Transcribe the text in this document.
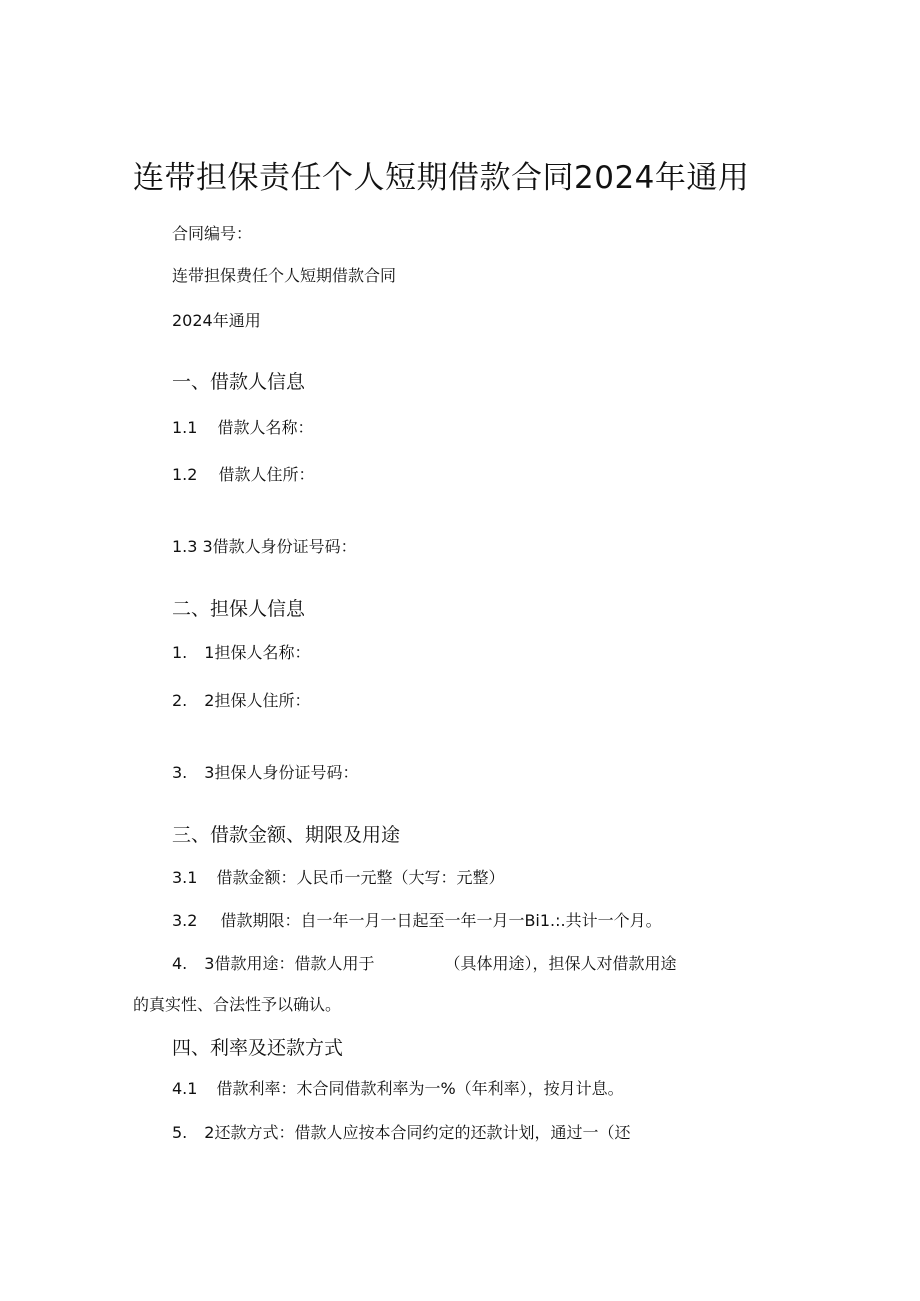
连带担保责任个人短期借款合同2024年通用
合同编号：
连带担保费任个人短期借款合同
2024年通用
一、借款人信息
1.1 借款人名称：
1.2 借款人住所：
1.3 3借款人身份证号码：
二、担保人信息
1. 1担保人名称：
2. 2担保人住所：
3. 3担保人身份证号码：
三、借款金额、期限及用途
3.1 借款金额：人民币一元整（大写：元整）
3.2 借款期限：自一年一月一日起至一年一月一Bi1.:.共计一个月。
4. 3借款用途：借款人用于	（具体用途），担保人对借款用途
的真实性、合法性予以确认。
四、利率及还款方式
4.1 借款利率：木合同借款利率为一%（年利率），按月计息。
5. 2还款方式：借款人应按本合同约定的还款计划，通过一（还
